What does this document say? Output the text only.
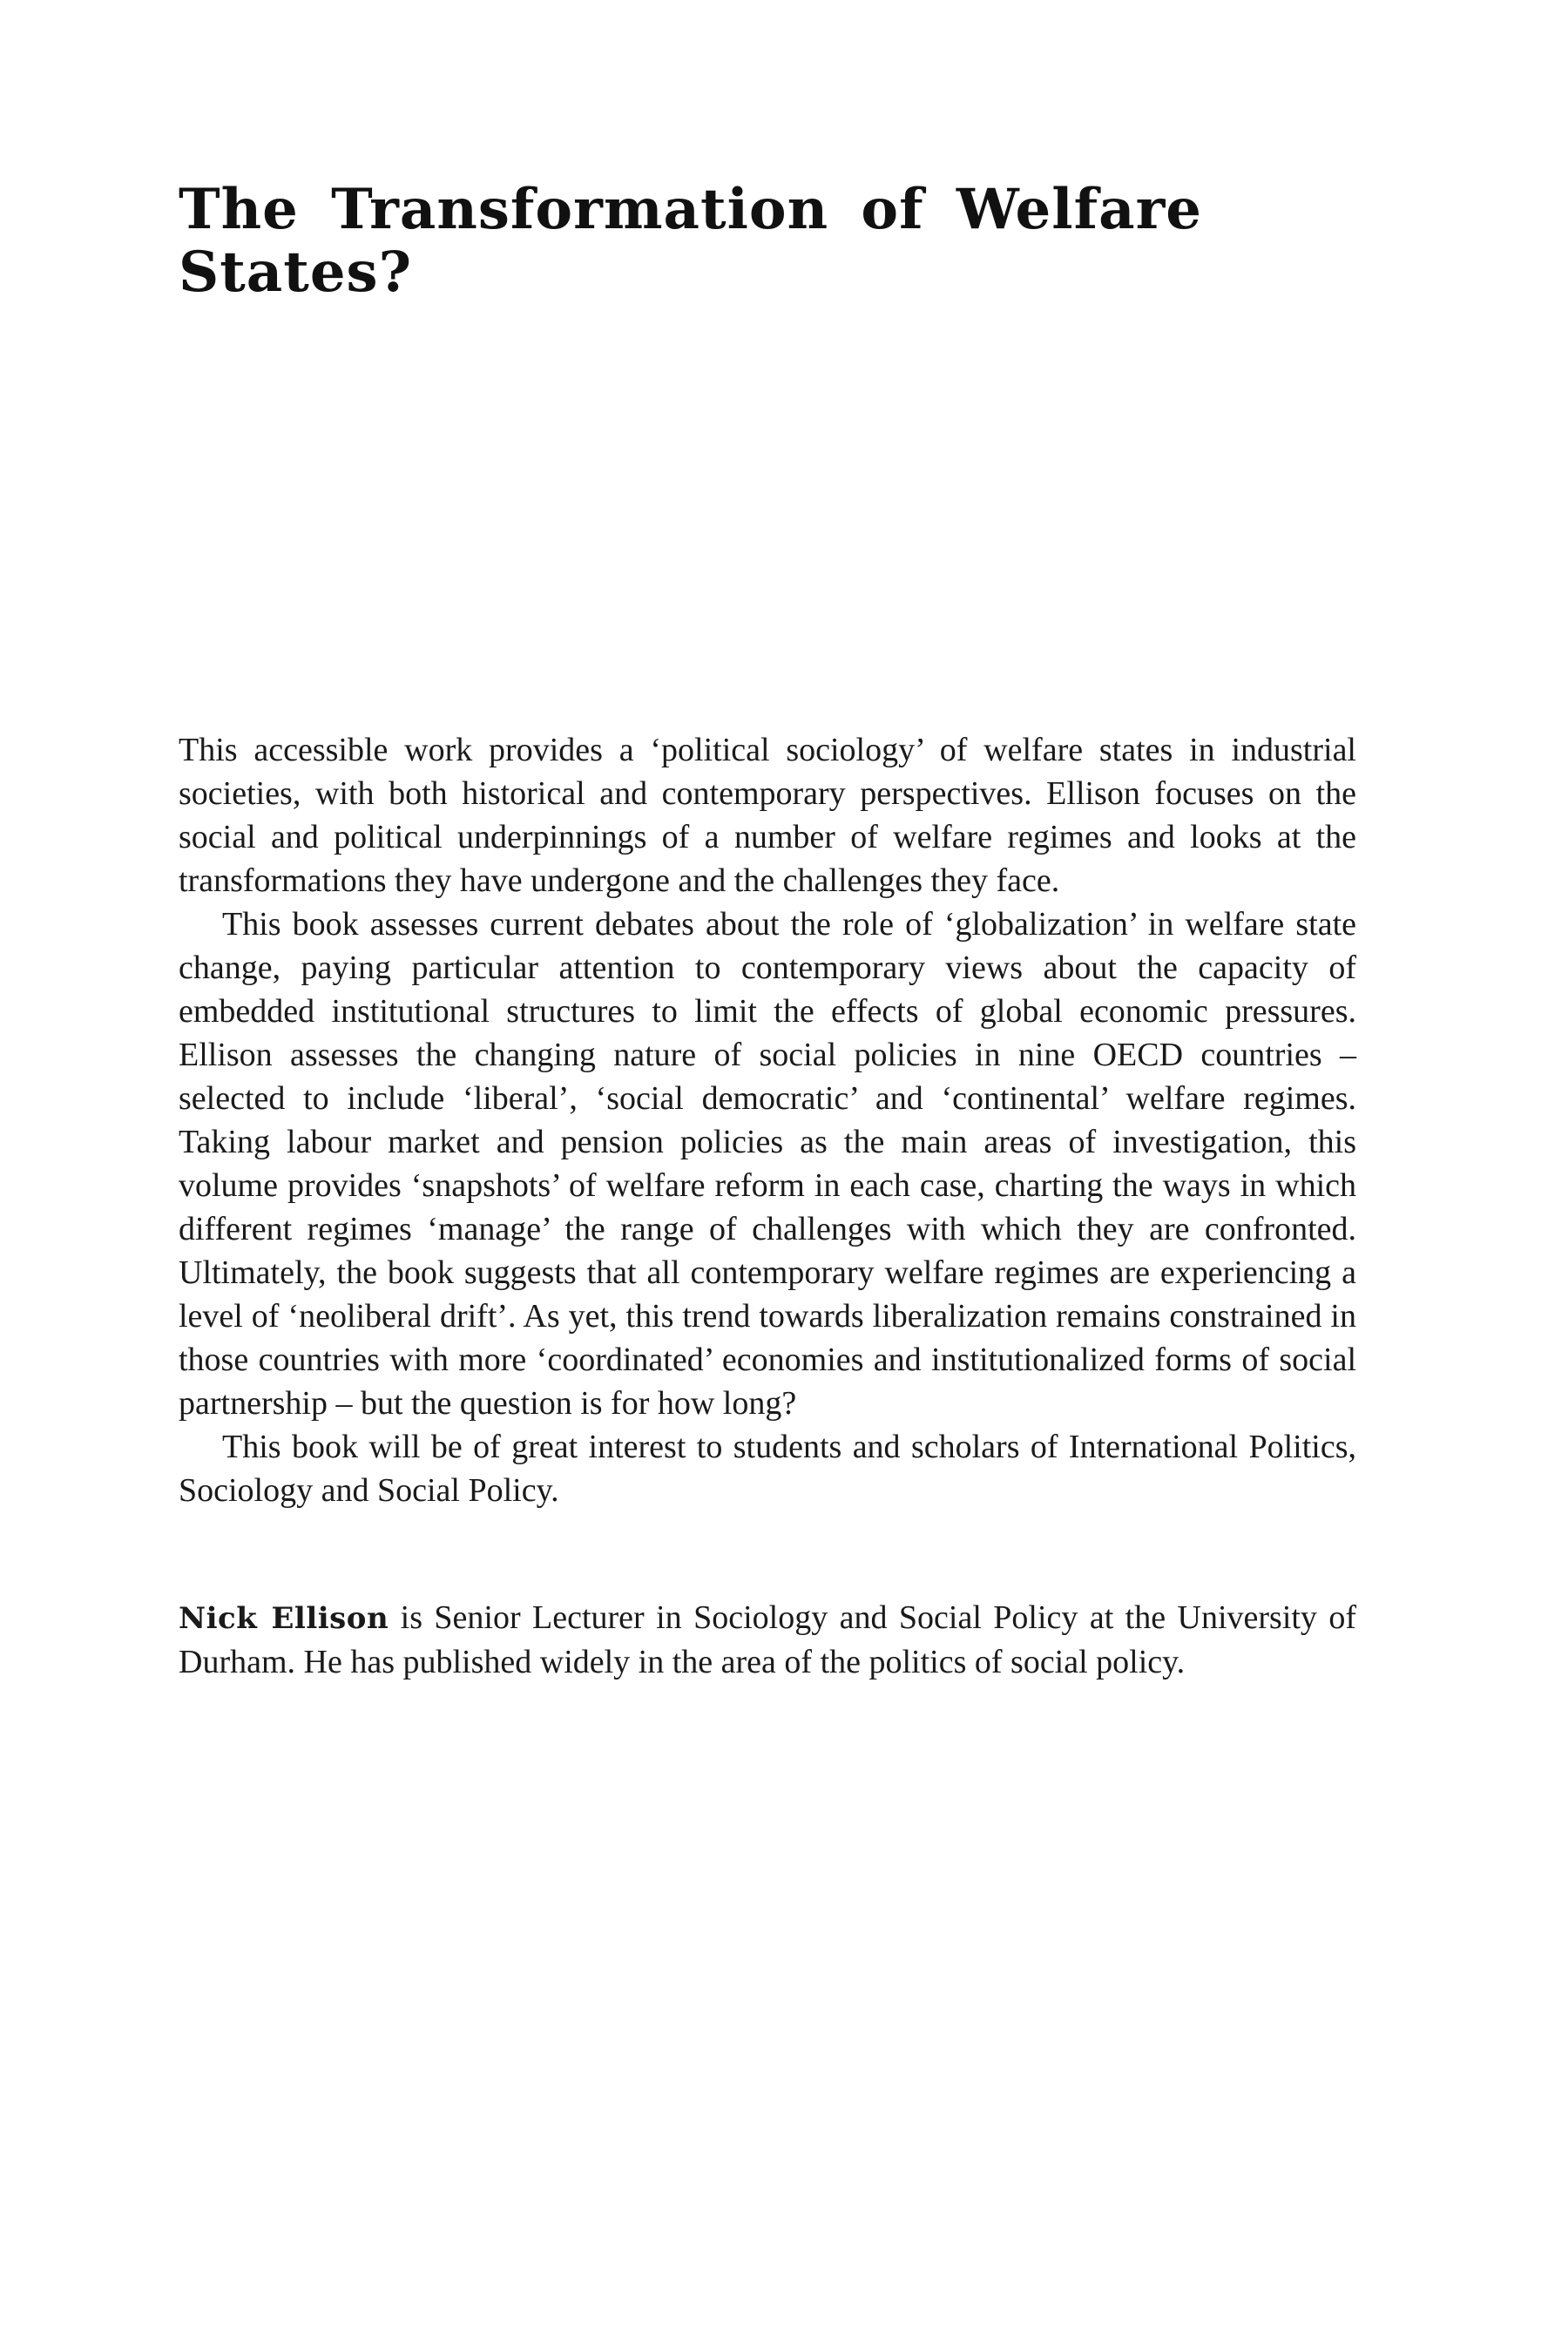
The Transformation of Welfare States?

This accessible work provides a ‘political sociology’ of welfare states in industrial societies, with both historical and contemporary perspectives. Ellison focuses on the social and political underpinnings of a number of welfare regimes and looks at the transformations they have undergone and the challenges they face.

This book assesses current debates about the role of ‘globalization’ in welfare state change, paying particular attention to contemporary views about the capacity of embedded institutional structures to limit the effects of global economic pressures. Ellison assesses the changing nature of social policies in nine OECD countries – selected to include ‘liberal’, ‘social democratic’ and ‘continental’ welfare regimes. Taking labour market and pension policies as the main areas of investigation, this volume provides ‘snapshots’ of welfare reform in each case, charting the ways in which different regimes ‘manage’ the range of challenges with which they are confronted. Ultimately, the book suggests that all contemporary welfare regimes are experiencing a level of ‘neoliberal drift’. As yet, this trend towards liberalization remains constrained in those countries with more ‘coordinated’ economies and institutionalized forms of social partnership – but the question is for how long?

This book will be of great interest to students and scholars of International Politics, Sociology and Social Policy.

Nick Ellison is Senior Lecturer in Sociology and Social Policy at the University of Durham. He has published widely in the area of the politics of social policy.
